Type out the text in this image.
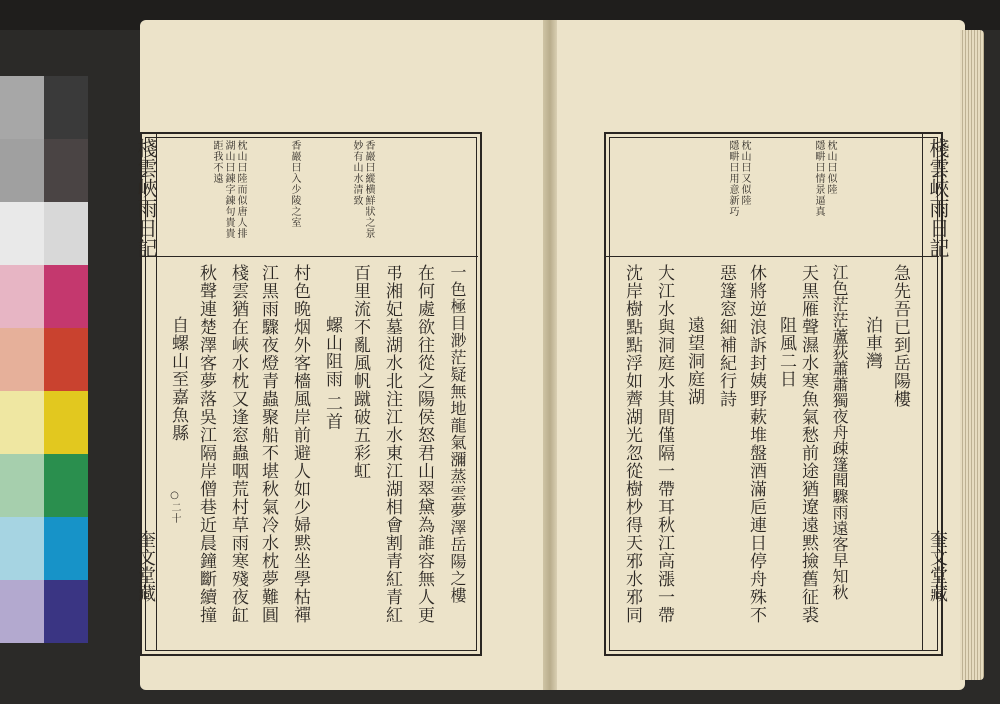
棧雲峽雨日記
奎文堂藏
○二十
香巖曰縱横鮮狀之景
妙有山水清致
香巖曰入少陵之室
枕山曰陸而似唐人排
湖山曰錬字錬句貴貴
距我不遠
一色極目渺茫疑無地龍氣瀰蒸雲夢澤岳陽之樓
在何處欲往從之陽侯怒君山翠黛為誰容無人更
弔湘妃墓湖水北注江水東江湖相會割青紅青紅
百里流不亂風帆蹴破五彩虹
螺山阻雨 二首
村色晩烟外客檣風岸前避人如少婦黙坐學枯禪
江黒雨驟夜燈青蟲聚船不堪秋氣冷水枕夢難圓
棧雲猶在峽水枕又逢窓蟲咽荒村草雨寒殘夜缸
秋聲連楚澤客夢落吳江隔岸僧巷近晨鐘斷續撞
自螺山至嘉魚縣
棧雲峽雨日記
奎文堂藏
枕山曰似陸
隱畊曰情景逼真
枕山曰又似陸
隱畊曰用意新巧
急先吾已到岳陽樓
泊車灣
江色茫茫蘆荻蕭蕭獨夜舟疎篷聞驟雨遠客早知秋
天黒雁聲濕水寒魚氣愁前途猶遼遠黙撿舊征裘
阻風二日
休將逆浪訴封姨野蔌堆盤酒滿巵連日停舟殊不
惡篷窓細補紀行詩
遠望洞庭湖
大江水與洞庭水其間僅隔一帶耳秋江高漲一帶
沈岸樹點點浮如薺湖光忽從樹杪得天邪水邪同
